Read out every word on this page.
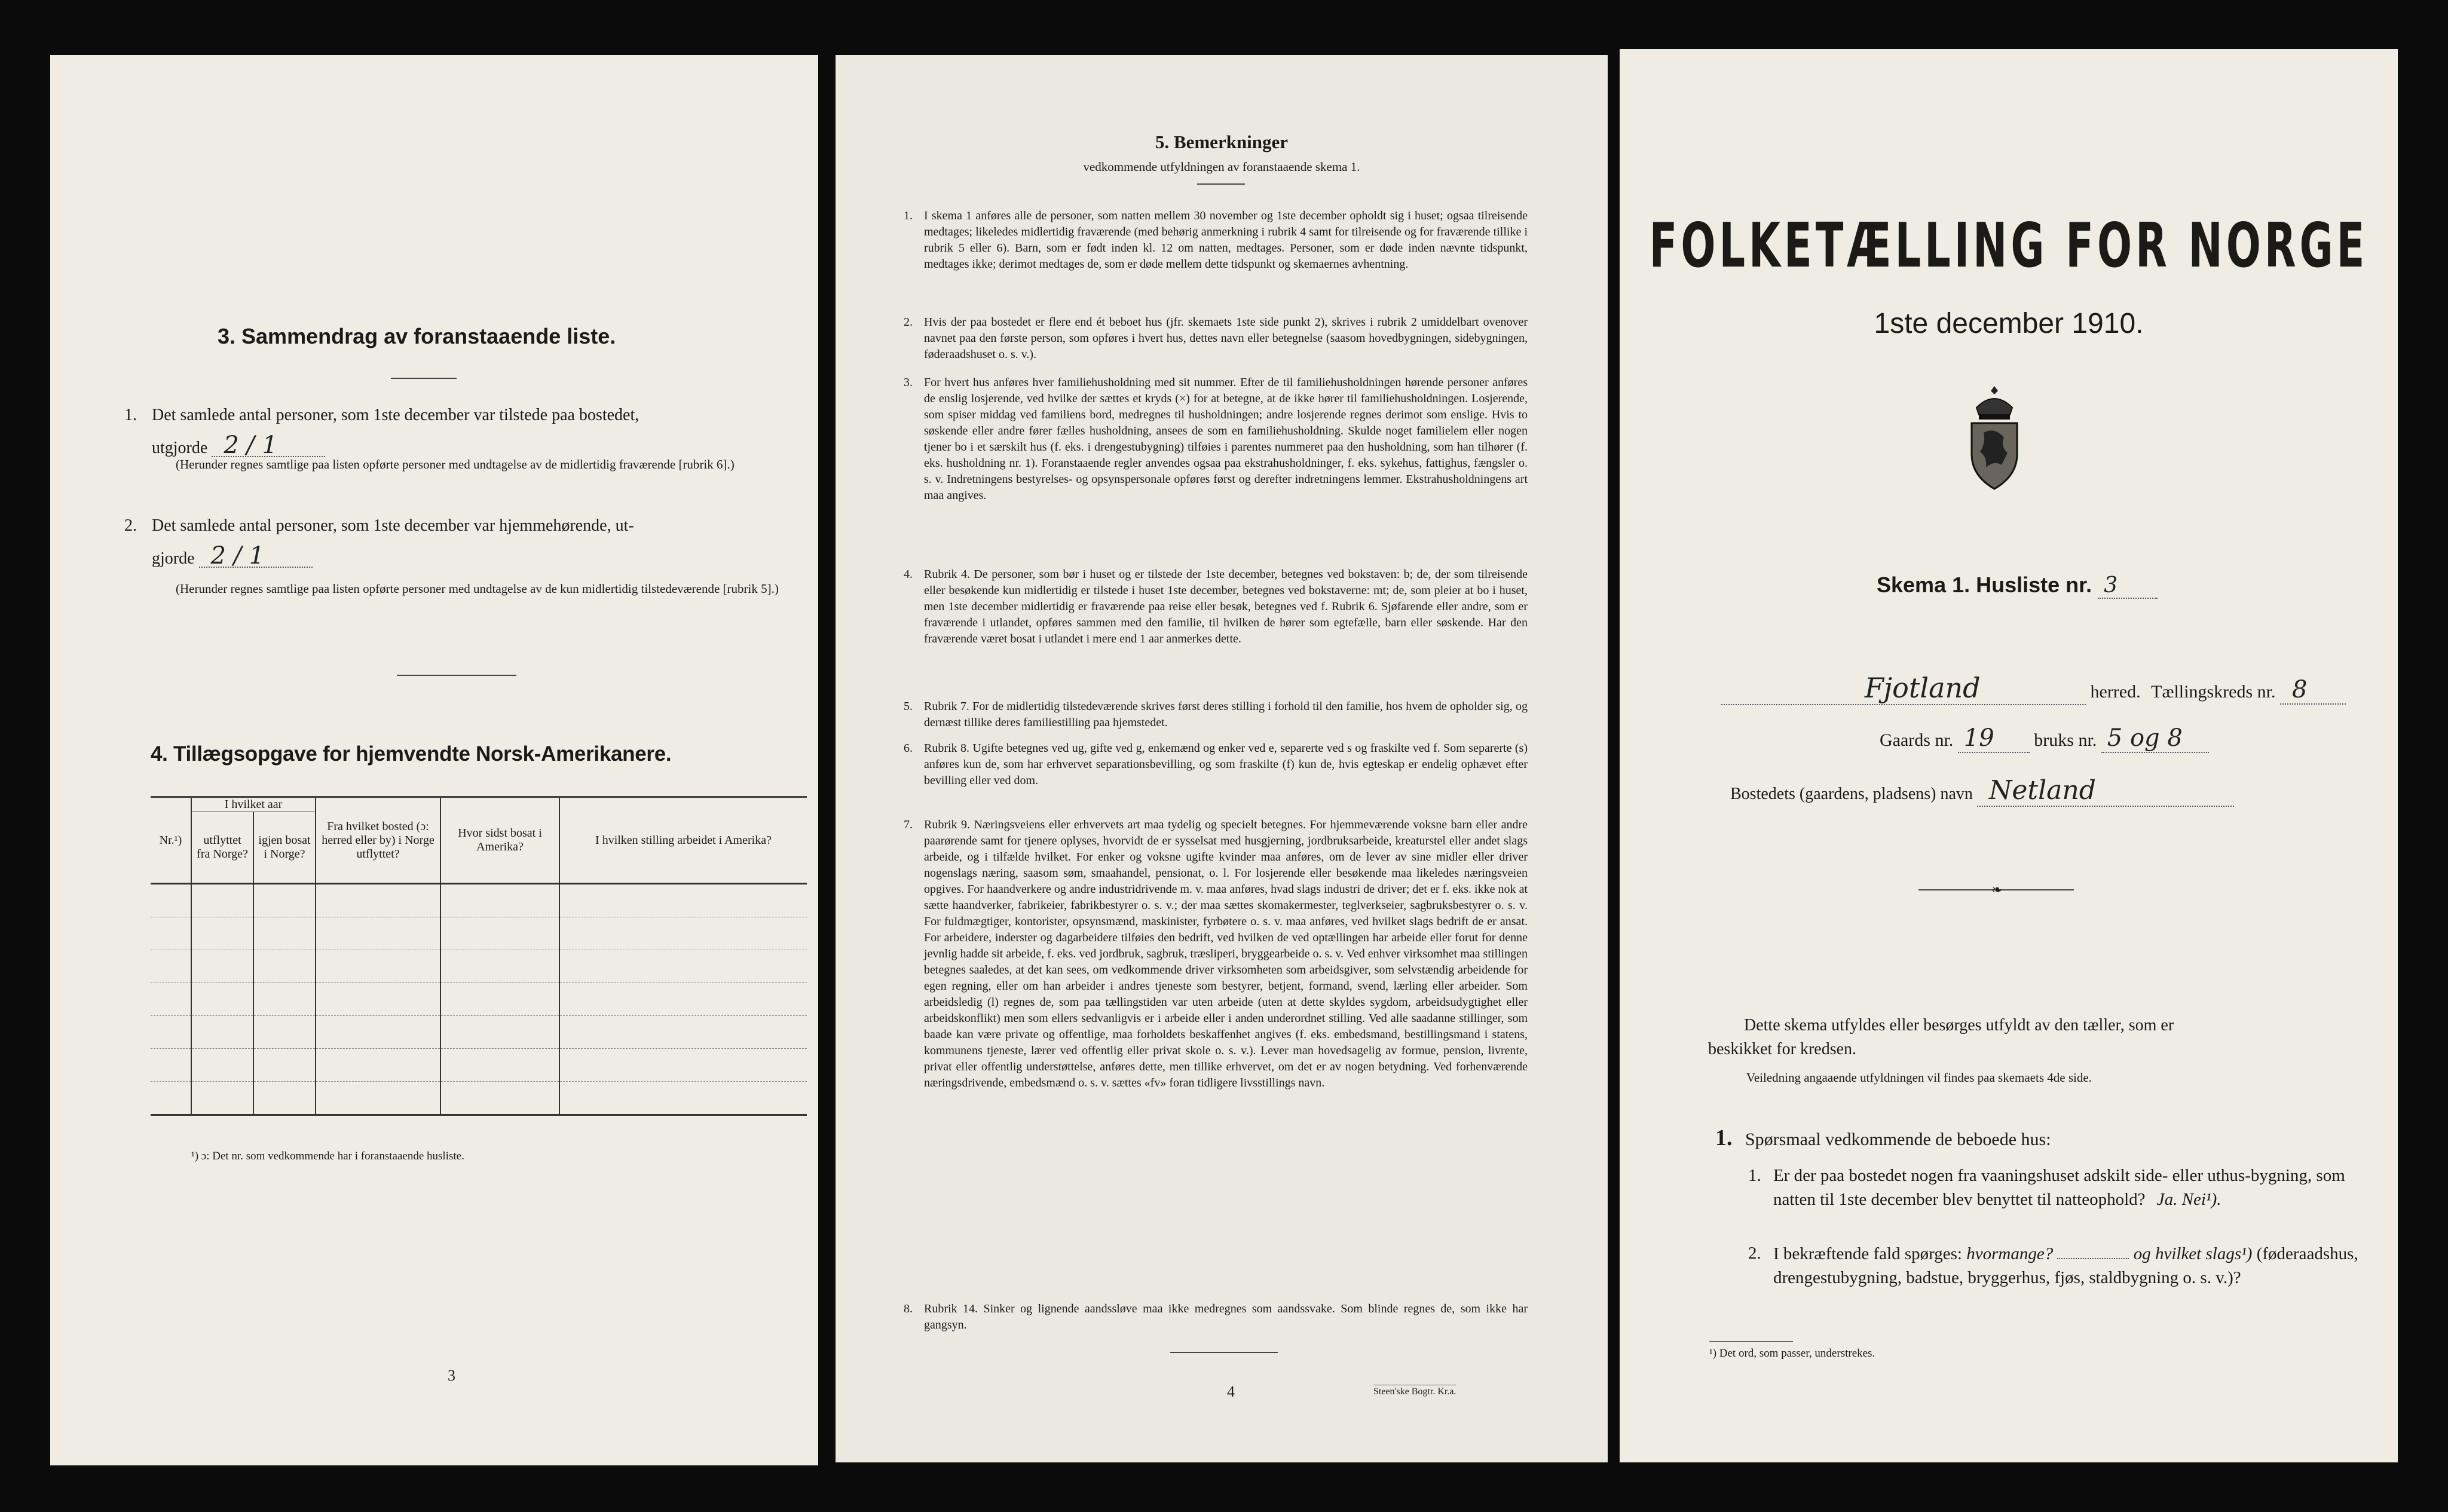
3. Sammendrag av foranstaaende liste.
1. Det samlede antal personer, som 1ste december var tilstede paa bostedet,
utgjorde 2 / 1
(Herunder regnes samtlige paa listen opførte personer med undtagelse av de midlertidig fraværende [rubrik 6].)
2. Det samlede antal personer, som 1ste december var hjemmehørende, ut-
gjorde 2 / 1
(Herunder regnes samtlige paa listen opførte personer med undtagelse av de kun midlertidig tilstedeværende [rubrik 5].)
4. Tillægsopgave for hjemvendte Norsk-Amerikanere.
Nr.¹)	I hvilket aar		Fra hvilket bosted (ɔ: herred eller by) i Norge utflyttet?	Hvor sidst bosat i Amerika?	I hvilken stilling arbeidet i Amerika?
	utflyttet fra Norge?	igjen bosat i Norge?			

¹) ɔ: Det nr. som vedkommende har i foranstaaende husliste.
3
5. Bemerkninger
vedkommende utfyldningen av foranstaaende skema 1.
1. I skema 1 anføres alle de personer, som natten mellem 30 november og 1ste december opholdt sig i huset; ogsaa tilreisende medtages; likeledes midlertidig fraværende (med behørig anmerkning i rubrik 4 samt for tilreisende og for fraværende tillike i rubrik 5 eller 6). Barn, som er født inden kl. 12 om natten, medtages. Personer, som er døde inden nævnte tidspunkt, medtages ikke; derimot medtages de, som er døde mellem dette tidspunkt og skemaernes avhentning.
2. Hvis der paa bostedet er flere end ét beboet hus (jfr. skemaets 1ste side punkt 2), skrives i rubrik 2 umiddelbart ovenover navnet paa den første person, som opføres i hvert hus, dettes navn eller betegnelse (saasom hovedbygningen, sidebygningen, føderaadshuset o. s. v.).
3. For hvert hus anføres hver familiehusholdning med sit nummer. Efter de til familiehusholdningen hørende personer anføres de enslig losjerende, ved hvilke der sættes et kryds (×) for at betegne, at de ikke hører til familiehusholdningen. Losjerende, som spiser middag ved familiens bord, medregnes til husholdningen; andre losjerende regnes derimot som enslige. Hvis to søskende eller andre fører fælles husholdning, ansees de som en familiehusholdning. Skulde noget familielem eller nogen tjener bo i et særskilt hus (f. eks. i drengestubygning) tilføies i parentes nummeret paa den husholdning, som han tilhører (f. eks. husholdning nr. 1). Foranstaaende regler anvendes ogsaa paa ekstrahusholdninger, f. eks. sykehus, fattighus, fængsler o. s. v. Indretningens bestyrelses- og opsynspersonale opføres først og derefter indretningens lemmer. Ekstrahusholdningens art maa angives.
4. Rubrik 4. De personer, som bør i huset og er tilstede der 1ste december, betegnes ved bokstaven: b; de, der som tilreisende eller besøkende kun midlertidig er tilstede i huset 1ste december, betegnes ved bokstaverne: mt; de, som pleier at bo i huset, men 1ste december midlertidig er fraværende paa reise eller besøk, betegnes ved f. Rubrik 6. Sjøfarende eller andre, som er fraværende i utlandet, opføres sammen med den familie, til hvilken de hører som egtefælle, barn eller søskende. Har den fraværende været bosat i utlandet i mere end 1 aar anmerkes dette.
5. Rubrik 7. For de midlertidig tilstedeværende skrives først deres stilling i forhold til den familie, hos hvem de opholder sig, og dernæst tillike deres familiestilling paa hjemstedet.
6. Rubrik 8. Ugifte betegnes ved ug, gifte ved g, enkemænd og enker ved e, separerte ved s og fraskilte ved f. Som separerte (s) anføres kun de, som har erhvervet separationsbevilling, og som fraskilte (f) kun de, hvis egteskap er endelig ophævet efter bevilling eller ved dom.
7. Rubrik 9. Næringsveiens eller erhvervets art maa tydelig og specielt betegnes. For hjemmeværende voksne barn eller andre paarørende samt for tjenere oplyses, hvorvidt de er sysselsat med husgjerning, jordbruksarbeide, kreaturstel eller andet slags arbeide, og i tilfælde hvilket. For enker og voksne ugifte kvinder maa anføres, om de lever av sine midler eller driver nogenslags næring, saasom søm, smaahandel, pensionat, o. l. For losjerende eller besøkende maa likeledes næringsveien opgives. For haandverkere og andre industridrivende m. v. maa anføres, hvad slags industri de driver; det er f. eks. ikke nok at sætte haandverker, fabrikeier, fabrikbestyrer o. s. v.; der maa sættes skomakermester, teglverkseier, sagbruksbestyrer o. s. v. For fuldmægtiger, kontorister, opsynsmænd, maskinister, fyrbøtere o. s. v. maa anføres, ved hvilket slags bedrift de er ansat. For arbeidere, inderster og dagarbeidere tilføies den bedrift, ved hvilken de ved optællingen har arbeide eller forut for denne jevnlig hadde sit arbeide, f. eks. ved jordbruk, sagbruk, træsliperi, bryggearbeide o. s. v. Ved enhver virksomhet maa stillingen betegnes saaledes, at det kan sees, om vedkommende driver virksomheten som arbeidsgiver, som selvstændig arbeidende for egen regning, eller om han arbeider i andres tjeneste som bestyrer, betjent, formand, svend, lærling eller arbeider. Som arbeidsledig (l) regnes de, som paa tællingstiden var uten arbeide (uten at dette skyldes sygdom, arbeidsudygtighet eller arbeidskonflikt) men som ellers sedvanligvis er i arbeide eller i anden underordnet stilling. Ved alle saadanne stillinger, som baade kan være private og offentlige, maa forholdets beskaffenhet angives (f. eks. embedsmand, bestillingsmand i statens, kommunens tjeneste, lærer ved offentlig eller privat skole o. s. v.). Lever man hovedsagelig av formue, pension, livrente, privat eller offentlig understøttelse, anføres dette, men tillike erhvervet, om det er av nogen betydning. Ved forhenværende næringsdrivende, embedsmænd o. s. v. sættes «fv» foran tidligere livsstillings navn.
8. Rubrik 14. Sinker og lignende aandssløve maa ikke medregnes som aandssvake. Som blinde regnes de, som ikke har gangsyn.
4	Steen'ske Bogtr. Kr.a.
FOLKETÆLLING FOR NORGE
1ste december 1910.
Skema 1. Husliste nr. 3
Fjotland	herred. Tællingskreds nr. 8
Gaards nr. 19 bruks nr. 5 og 8
Bostedets (gaardens, pladsens) navn Netland
❧
Dette skema utfyldes eller besørges utfyldt av den tæller, som er
beskikket for kredsen.
Veiledning angaaende utfyldningen vil findes paa skemaets 4de side.
1. Spørsmaal vedkommende de beboede hus:
1. Er der paa bostedet nogen fra vaaningshuset adskilt side- eller uthus-bygning, som natten til 1ste december blev benyttet til natteophold? Ja. Nei¹).
2. I bekræftende fald spørges: hvormange?	og hvilket slags¹) (føderaadshus, drengestubygning, badstue, bryggerhus, fjøs, staldbygning o. s. v.)?
¹) Det ord, som passer, understrekes.
